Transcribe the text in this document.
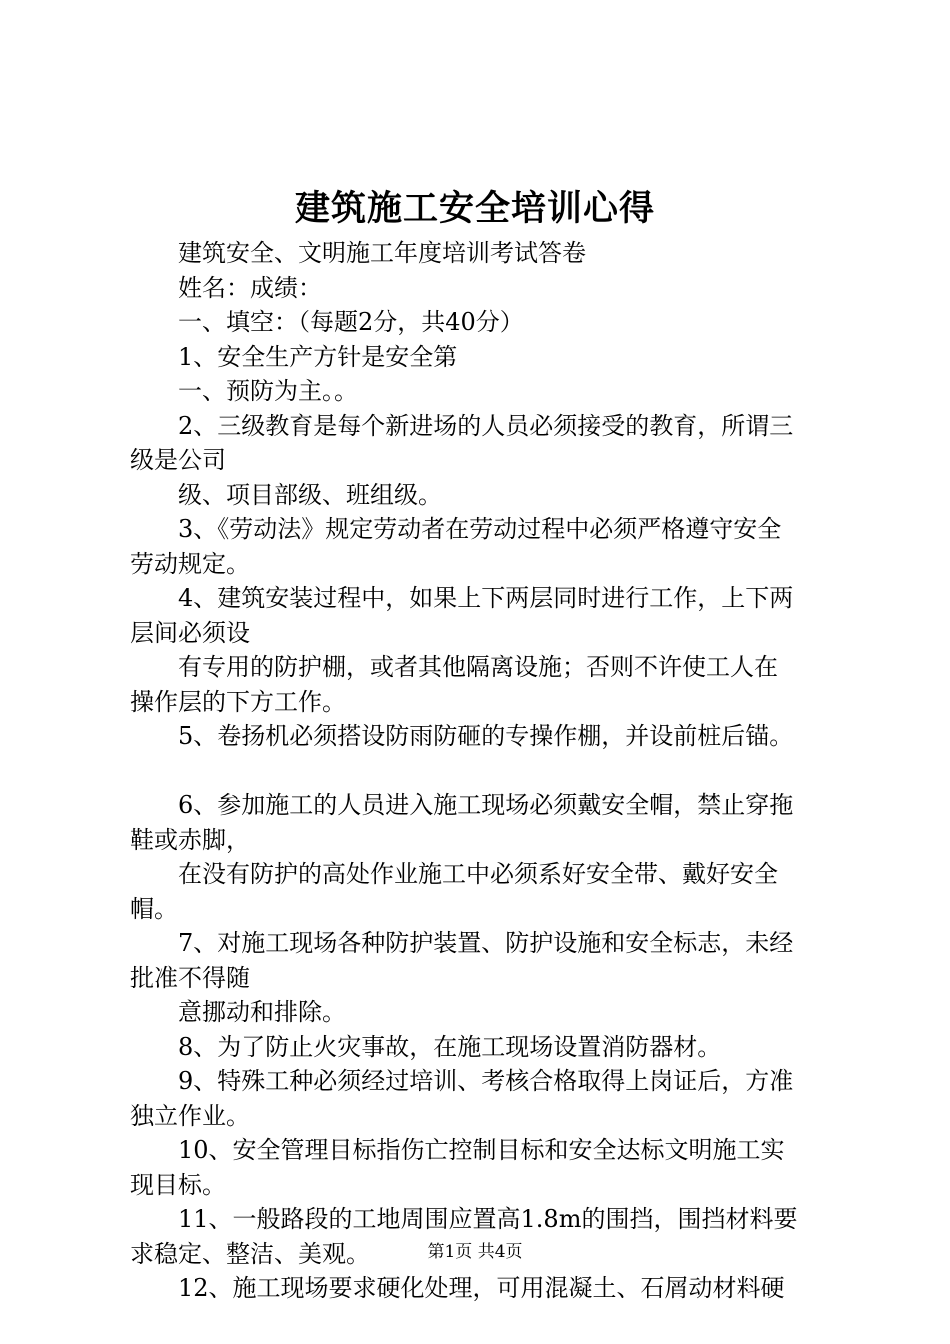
建筑施工安全培训心得
建筑安全、文明施工年度培训考试答卷
姓名：成绩：
一、填空：（每题2分，共40分）
1、安全生产方针是安全第
一、预防为主。。
2、三级教育是每个新进场的人员必须接受的教育，所谓三
级是公司
级、项目部级、班组级。
3、《劳动法》规定劳动者在劳动过程中必须严格遵守安全
劳动规定。
4、建筑安装过程中，如果上下两层同时进行工作，上下两
层间必须设
有专用的防护棚，或者其他隔离设施；否则不许使工人在
操作层的下方工作。
5、卷扬机必须搭设防雨防砸的专操作棚，并设前桩后锚。
6、参加施工的人员进入施工现场必须戴安全帽，禁止穿拖
鞋或赤脚，
在没有防护的高处作业施工中必须系好安全带、戴好安全
帽。
7、对施工现场各种防护装置、防护设施和安全标志，未经
批准不得随
意挪动和排除。
8、为了防止火灾事故，在施工现场设置消防器材。
9、特殊工种必须经过培训、考核合格取得上岗证后，方准
独立作业。
10、安全管理目标指伤亡控制目标和安全达标文明施工实
现目标。
11、一般路段的工地周围应置高1.8m的围挡，围挡材料要
求稳定、整洁、美观。
12、施工现场要求硬化处理，可用混凝土、石屑动材料硬
第1页 共4页
